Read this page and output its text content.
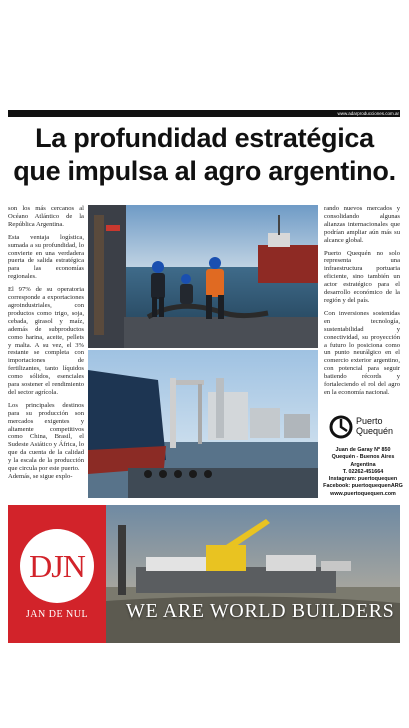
www.adarproducciones.com.ar
La profundidad estratégica
que impulsa al agro argentino.

son los más cercanos al Océano Atlántico de la República Argentina.

Esta ventaja logística, sumada a su profundidad, lo convierte en una verdadera puerta de salida estratégica para las economías regionales.

El 97% de su operatoria corresponde a exportaciones agroindustriales, con productos como trigo, soja, cebada, girasol y maíz, además de subproductos como harina, aceite, pellets y malta. A su vez, el 3% restante se completa con importaciones de fertilizantes, tanto líquidos como sólidos, esenciales para sostener el rendimiento del sector agrícola.

Los principales destinos para su producción son mercados exigentes y altamente competitivos como China, Brasil, el Sudeste Asiático y África, lo que da cuenta de la calidad y la escala de la producción que circula por este puerto.

Además, se sigue explo-

rando nuevos mercados y consolidando algunas alianzas internacionales que podrían ampliar aún más su alcance global.

Puerto Quequén no solo representa una infraestructura portuaria eficiente, sino también un actor estratégico para el desarrollo económico de la región y del país.

Con inversiones sostenidas en tecnología, sustentabilidad y conectividad, su proyección a futuro lo posiciona como un punto neurálgico en el comercio exterior argentino, con potencial para seguir batiendo récords y fortaleciendo el rol del agro en la economía nacional.

Puerto
Quequén
Juan de Garay Nº 850
Quequén - Buenos Aires
Argentina
T. 02262-451664
Instagram: puertoquequen
Facebook: puertoquequenARG
www.puertoquequen.com
DJN
JAN DE NUL	WE ARE WORLD BUILDERS
